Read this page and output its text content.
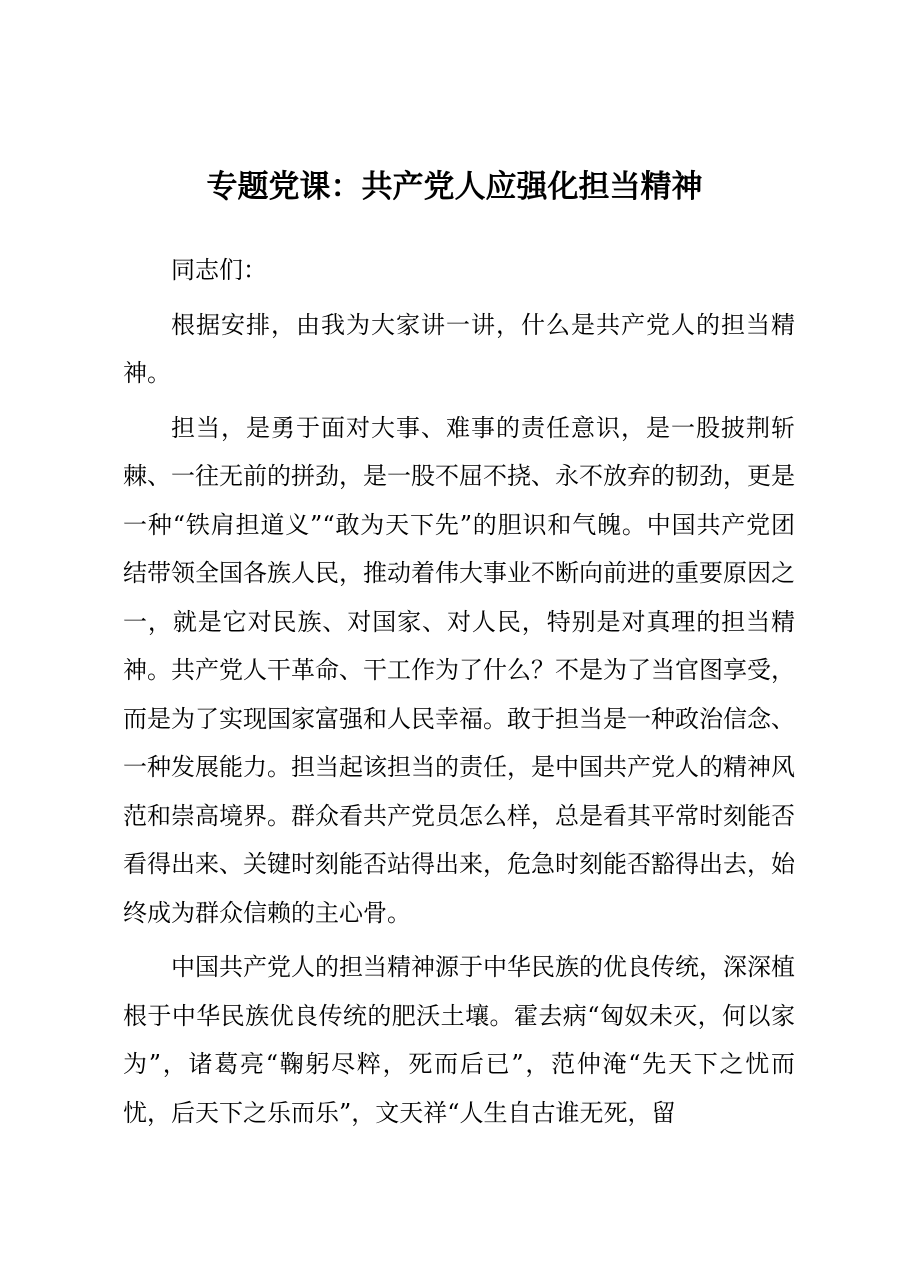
专题党课：共产党人应强化担当精神

同志们：

根据安排，由我为大家讲一讲，什么是共产党人的担当精神。

担当，是勇于面对大事、难事的责任意识，是一股披荆斩棘、一往无前的拼劲，是一股不屈不挠、永不放弃的韧劲，更是一种“铁肩担道义”“敢为天下先”的胆识和气魄。中国共产党团结带领全国各族人民，推动着伟大事业不断向前进的重要原因之一，就是它对民族、对国家、对人民，特别是对真理的担当精神。共产党人干革命、干工作为了什么？不是为了当官图享受，而是为了实现国家富强和人民幸福。敢于担当是一种政治信念、一种发展能力。担当起该担当的责任，是中国共产党人的精神风范和崇高境界。群众看共产党员怎么样，总是看其平常时刻能否看得出来、关键时刻能否站得出来，危急时刻能否豁得出去，始终成为群众信赖的主心骨。

中国共产党人的担当精神源于中华民族的优良传统，深深植根于中华民族优良传统的肥沃土壤。霍去病“匈奴未灭，何以家为”，诸葛亮“鞠躬尽粹，死而后已”，范仲淹“先天下之忧而忧，后天下之乐而乐”，文天祥“人生自古谁无死，留
